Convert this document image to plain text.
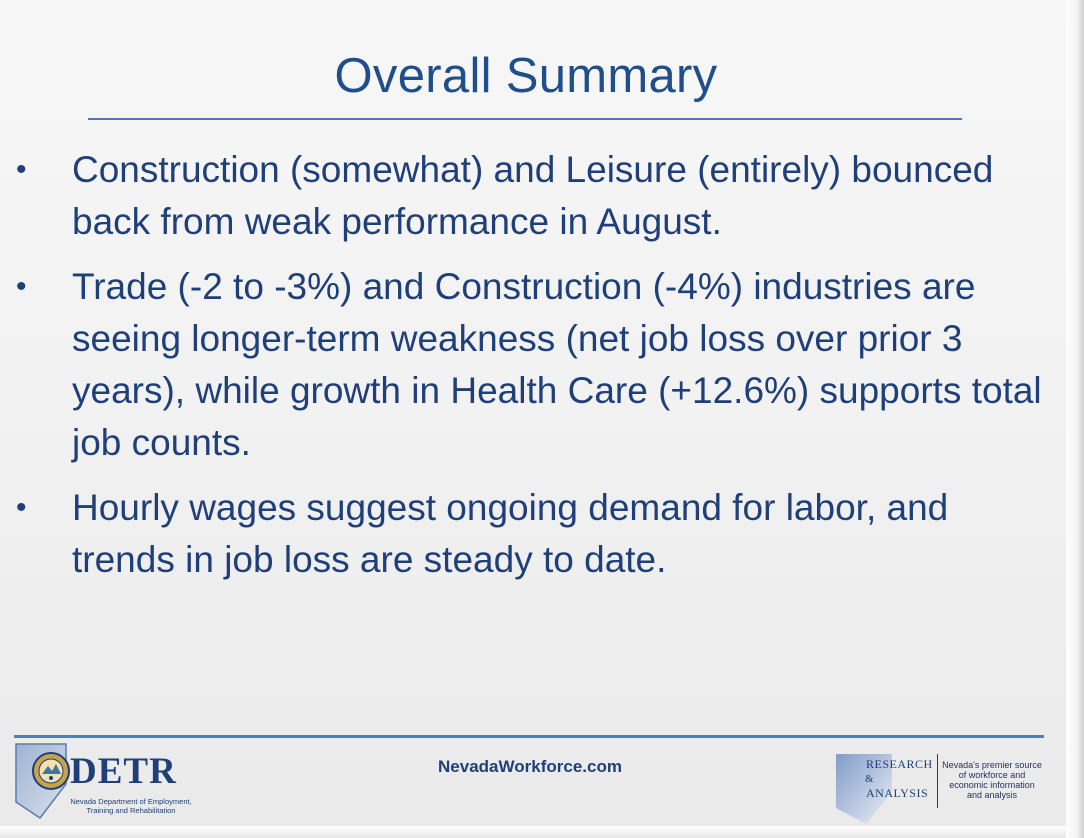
Overall Summary
• Construction (somewhat) and Leisure (entirely) bounced back from weak performance in August.
• Trade (-2 to -3%) and Construction (-4%) industries are seeing longer-term weakness (net job loss over prior 3 years), while growth in Health Care (+12.6%) supports total job counts.
• Hourly wages suggest ongoing demand for labor, and trends in job loss are steady to date.
DETR
Nevada Department of Employment,
Training and Rehabilitation
NevadaWorkforce.com	RESEARCH
&
ANALYSIS
Nevada's premier source of workforce and economic information and analysis
